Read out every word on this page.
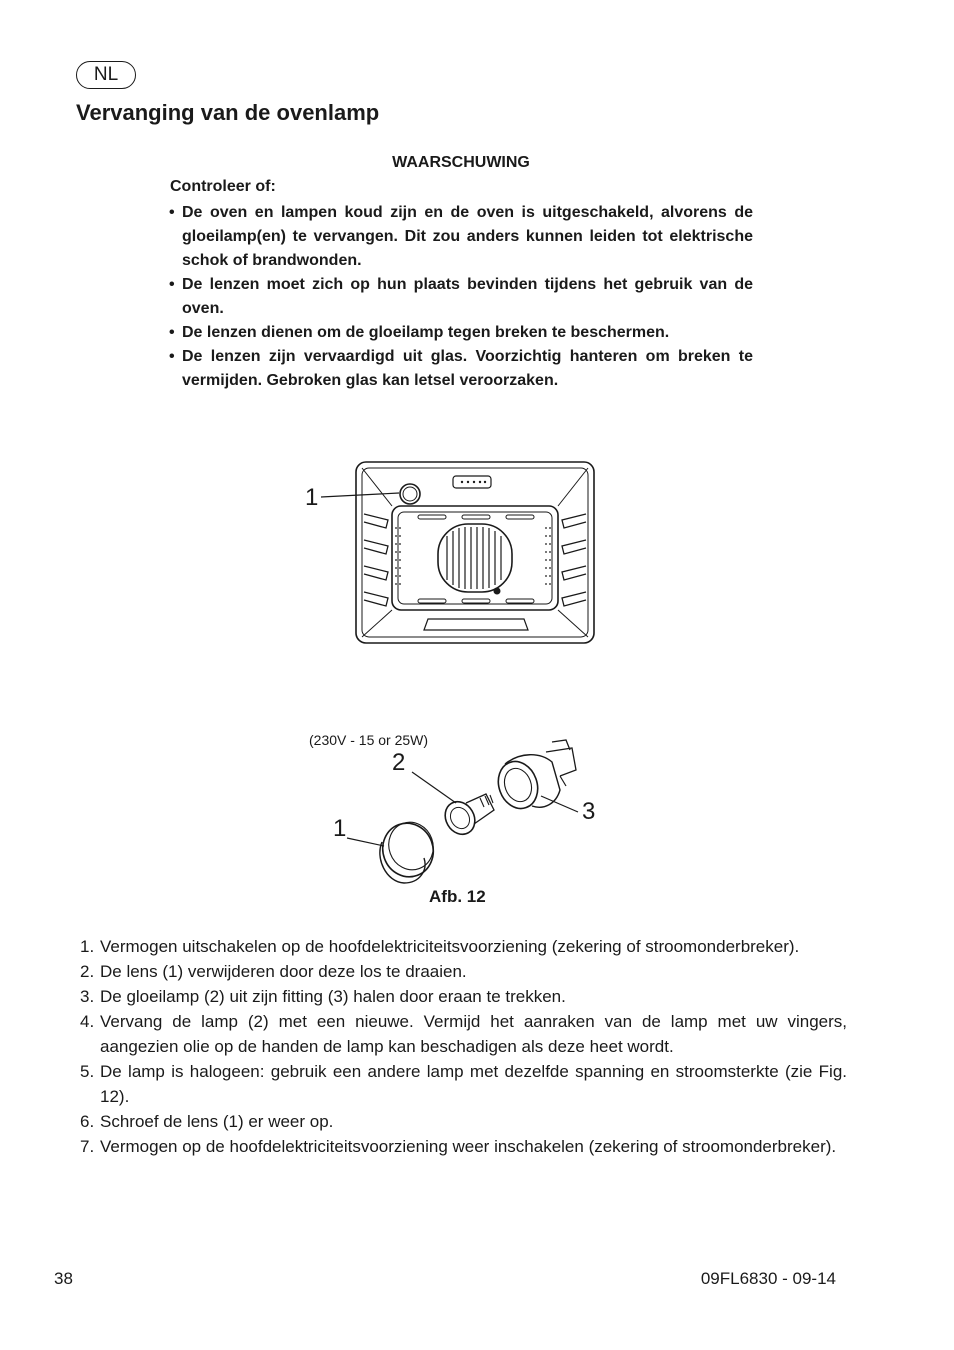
NL
Vervanging van de ovenlamp
WAARSCHUWING
Controleer of:
• De oven en lampen koud zijn en de oven is uitgeschakeld, alvorens de gloeilamp(en) te vervangen. Dit zou anders kunnen leiden tot elektrische schok of brandwonden.
• De lenzen moet zich op hun plaats bevinden tijdens het gebruik van de oven.
• De lenzen dienen om de gloeilamp tegen breken te beschermen.
• De lenzen zijn vervaardigd uit glas. Voorzichtig hanteren om breken te vermijden. Gebroken glas kan letsel veroorzaken.
1
(230V - 15 or 25W)
1
2
3
Afb. 12
1. Vermogen uitschakelen op de hoofdelektriciteitsvoorziening (zekering of stroomonderbreker).
2. De lens (1) verwijderen door deze los te draaien.
3. De gloeilamp (2) uit zijn fitting (3) halen door eraan te trekken.
4. Vervang de lamp (2) met een nieuwe. Vermijd het aanraken van de lamp met uw vingers, aangezien olie op de handen de lamp kan beschadigen als deze heet wordt.
5. De lamp is halogeen: gebruik een andere lamp met dezelfde spanning en stroomsterkte (zie Fig. 12).
6. Schroef de lens (1) er weer op.
7. Vermogen op de hoofdelektriciteitsvoorziening weer inschakelen (zekering of stroomonderbreker).
38	09FL6830 - 09-14
